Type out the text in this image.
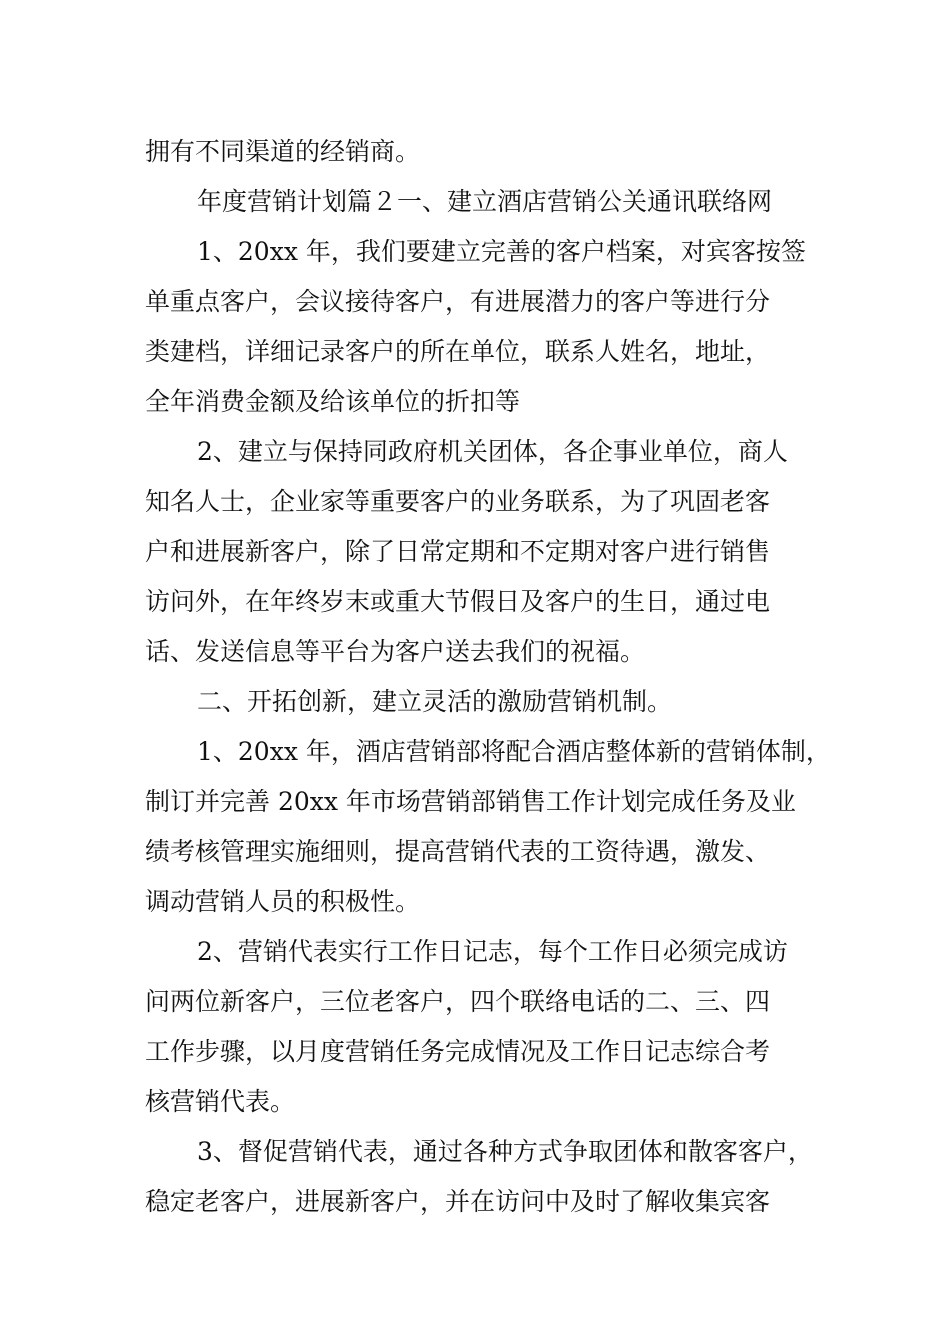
拥有不同渠道的经销商。

年度营销计划篇２一、建立酒店营销公关通讯联络网

1、20xx 年，我们要建立完善的客户档案，对宾客按签

单重点客户，会议接待客户，有进展潜力的客户等进行分

类建档，详细记录客户的所在单位，联系人姓名，地址，

全年消费金额及给该单位的折扣等

2、建立与保持同政府机关团体，各企事业单位，商人

知名人士，企业家等重要客户的业务联系，为了巩固老客

户和进展新客户，除了日常定期和不定期对客户进行销售

访问外，在年终岁末或重大节假日及客户的生日，通过电

话、发送信息等平台为客户送去我们的祝福。

二、开拓创新，建立灵活的激励营销机制。

1、20xx 年，酒店营销部将配合酒店整体新的营销体制，

制订并完善 20xx 年市场营销部销售工作计划完成任务及业

绩考核管理实施细则，提高营销代表的工资待遇，激发、

调动营销人员的积极性。

2、营销代表实行工作日记志，每个工作日必须完成访

问两位新客户，三位老客户，四个联络电话的二、三、四

工作步骤，以月度营销任务完成情况及工作日记志综合考

核营销代表。

3、督促营销代表，通过各种方式争取团体和散客客户，

稳定老客户，进展新客户，并在访问中及时了解收集宾客
